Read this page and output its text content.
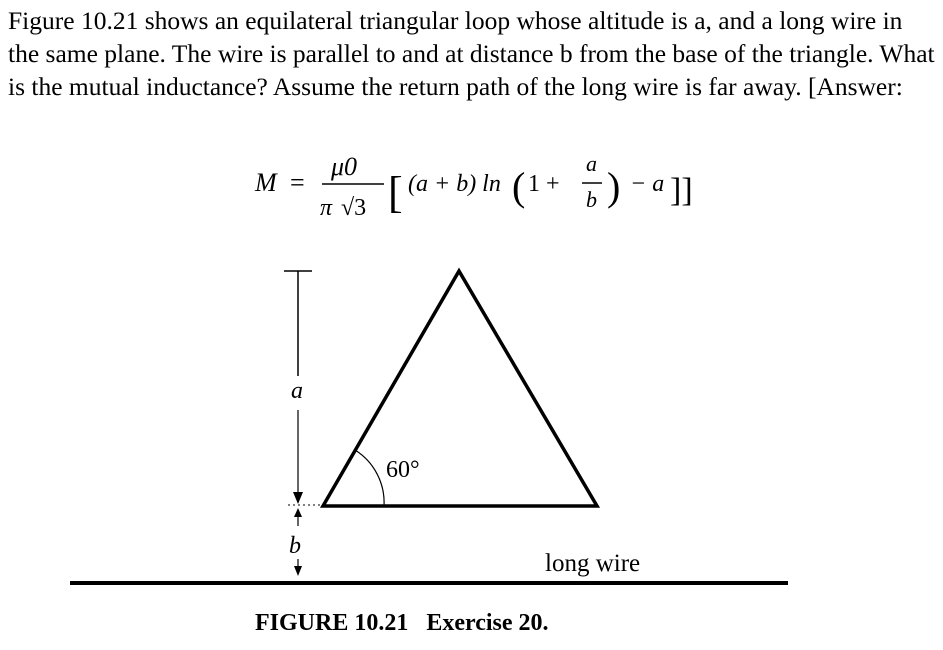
Figure 10.21 shows an equilateral triangular loop whose altitude is a, and a long wire in the same plane. The wire is parallel to and at distance b from the base of the triangle. What is the mutual inductance? Assume the return path of the long wire is far away. [Answer:

M =
μ0
π √3 [ (a + b) ln ( 1 +
a
b ) − a ]]
a
b
60°
long wire
FIGURE 10.21 Exercise 20.
